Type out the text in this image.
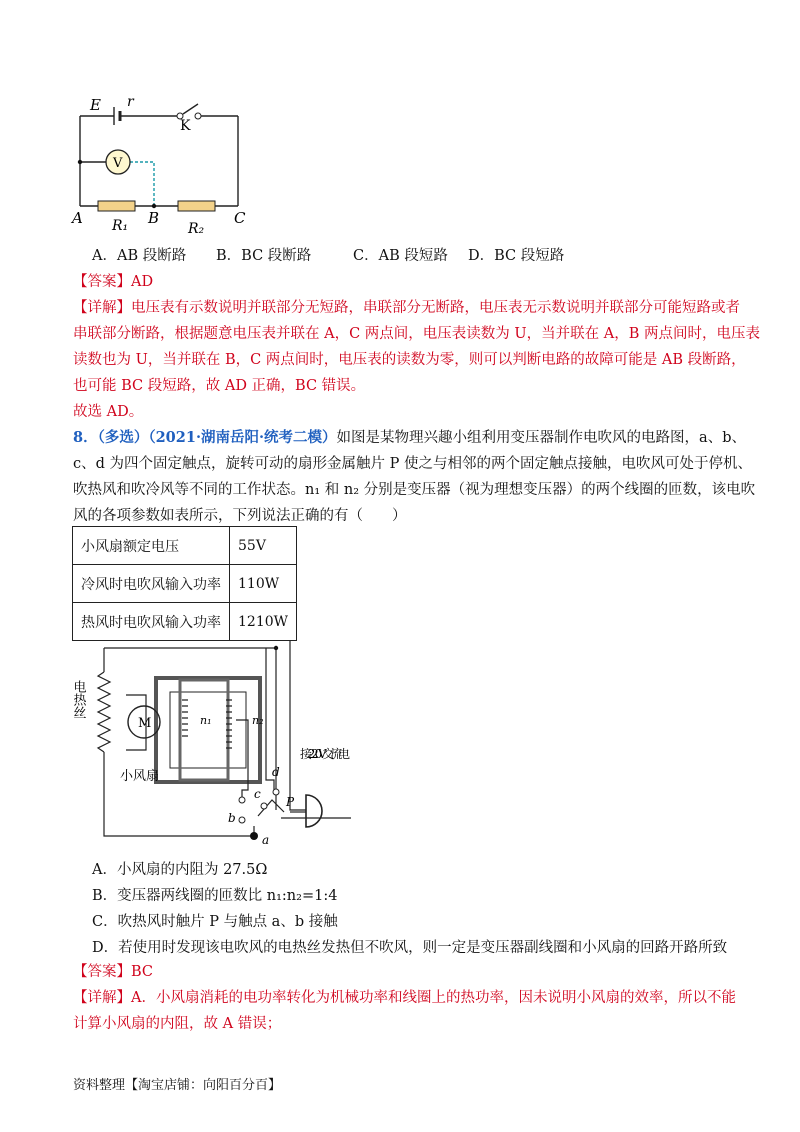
E r
K
V
A	B	C
R₁	R₂
A．AB 段断路 B．BC 段断路	C．AB 段短路 D．BC 段短路
【答案】AD
【详解】电压表有示数说明并联部分无短路，串联部分无断路，电压表无示数说明并联部分可能短路或者
串联部分断路，根据题意电压表并联在 A，C 两点间，电压表读数为 U，当并联在 A，B 两点间时，电压表
读数也为 U，当并联在 B，C 两点间时，电压表的读数为零，则可以判断电路的故障可能是 AB 段断路，
也可能 BC 段短路，故 AD 正确，BC 错误。
故选 AD。
8．（多选）（2021·湖南岳阳·统考二模）如图是某物理兴趣小组利用变压器制作电吹风的电路图，a、b、
c、d 为四个固定触点，旋转可动的扇形金属触片 P 使之与相邻的两个固定触点接触，电吹风可处于停机、
吹热风和吹冷风等不同的工作状态。n₁ 和 n₂ 分别是变压器（视为理想变压器）的两个线圈的匝数，该电吹
风的各项参数如表所示，下列说法正确的有（　　）
小风扇额定电压	55V
冷风时电吹风输入功率	110W
热风时电吹风输入功率	1210W
电热丝
M
小风扇
n₁	n₂
接220V交流电
d
c
P
b
a
A．小风扇的内阻为 27.5Ω
B．变压器两线圈的匝数比 n₁:n₂=1:4
C．吹热风时触片 P 与触点 a、b 接触
D．若使用时发现该电吹风的电热丝发热但不吹风，则一定是变压器副线圈和小风扇的回路开路所致
【答案】BC
【详解】A．小风扇消耗的电功率转化为机械功率和线圈上的热功率，因未说明小风扇的效率，所以不能
计算小风扇的内阻，故 A 错误；
资料整理【淘宝店铺：向阳百分百】
